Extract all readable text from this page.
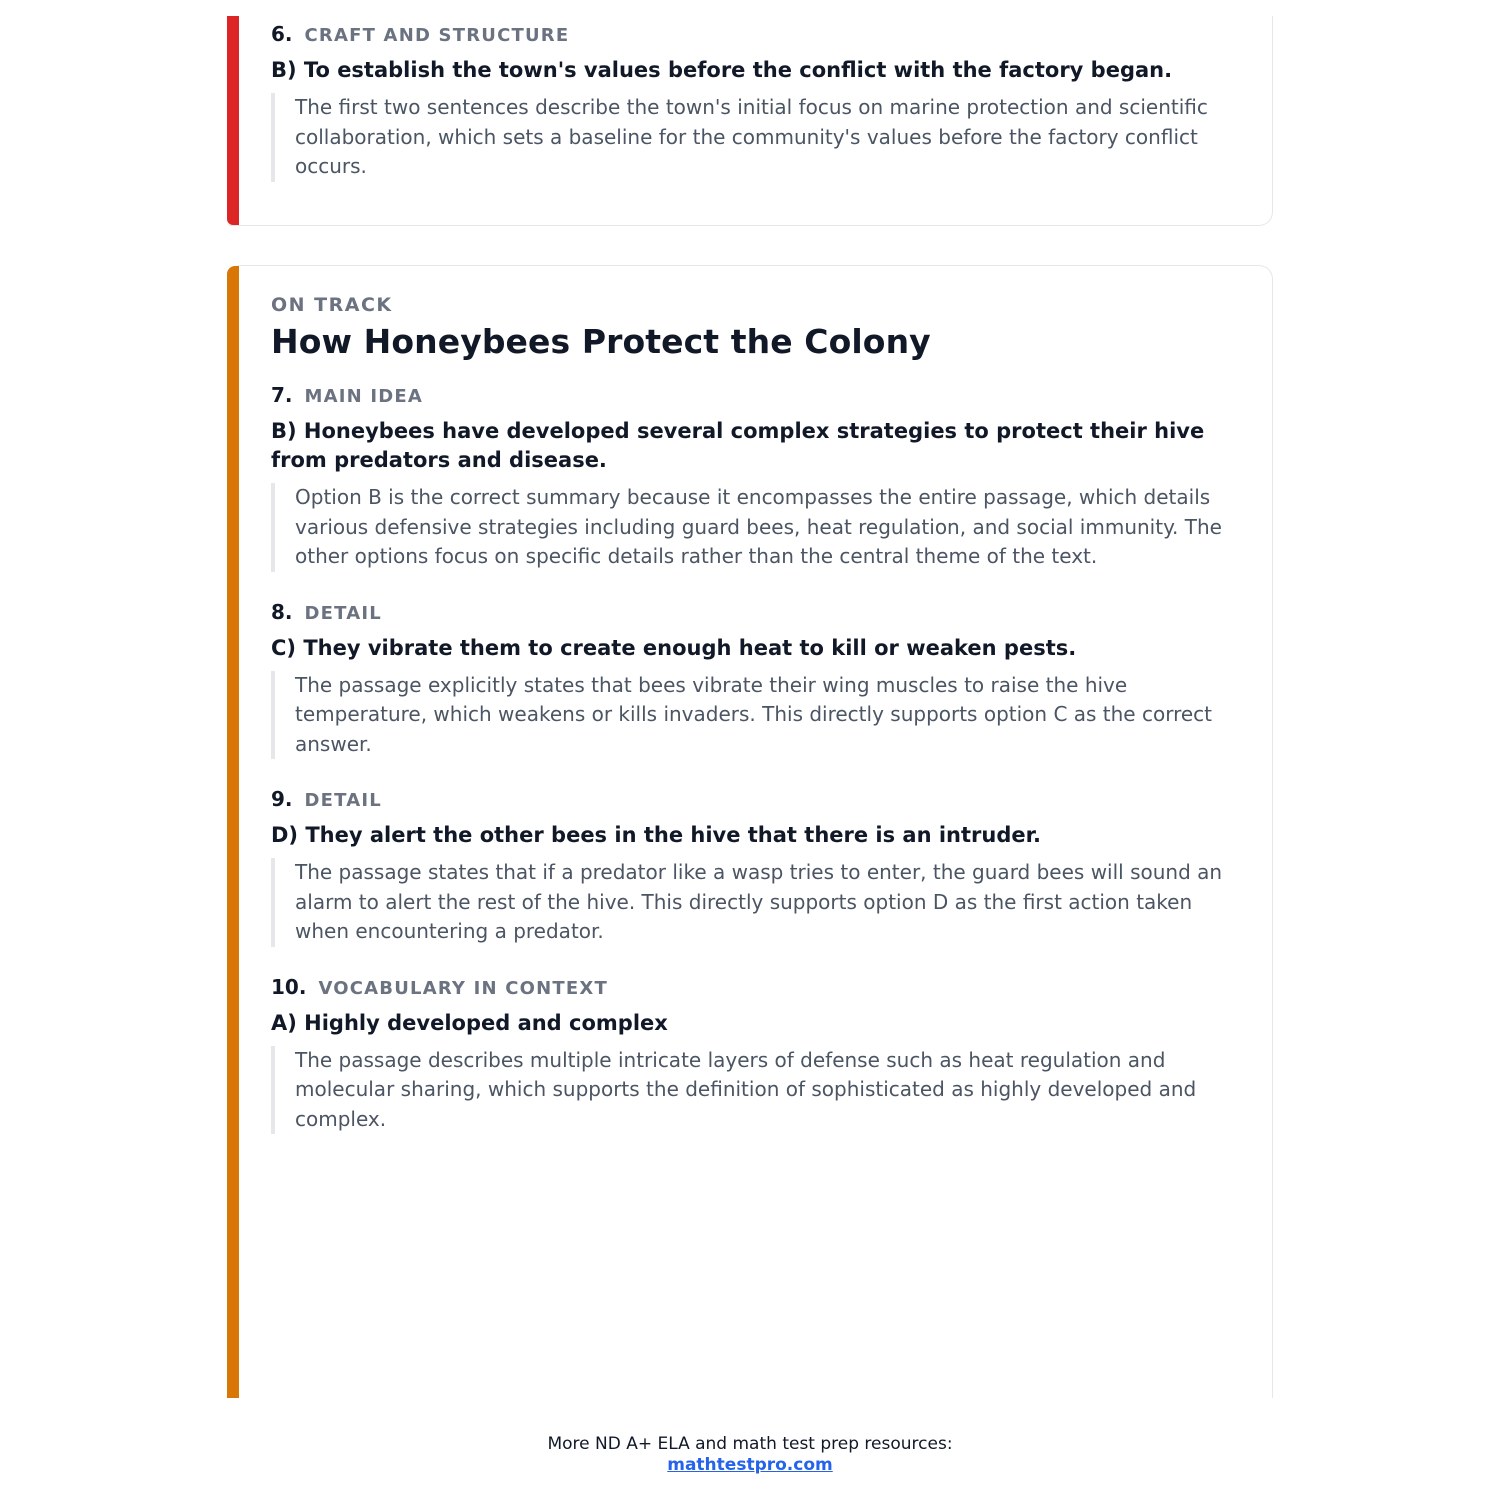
6. CRAFT AND STRUCTURE

B) To establish the town's values before the conflict with the factory began.

The first two sentences describe the town's initial focus on marine protection and scientific collaboration, which sets a baseline for the community's values before the factory conflict occurs.

ON TRACK
How Honeybees Protect the Colony
7. MAIN IDEA

B) Honeybees have developed several complex strategies to protect their hive from predators and disease.

Option B is the correct summary because it encompasses the entire passage, which details various defensive strategies including guard bees, heat regulation, and social immunity. The other options focus on specific details rather than the central theme of the text.

8. DETAIL

C) They vibrate them to create enough heat to kill or weaken pests.

The passage explicitly states that bees vibrate their wing muscles to raise the hive temperature, which weakens or kills invaders. This directly supports option C as the correct answer.

9. DETAIL

D) They alert the other bees in the hive that there is an intruder.

The passage states that if a predator like a wasp tries to enter, the guard bees will sound an alarm to alert the rest of the hive. This directly supports option D as the first action taken when encountering a predator.

10. VOCABULARY IN CONTEXT

A) Highly developed and complex

The passage describes multiple intricate layers of defense such as heat regulation and molecular sharing, which supports the definition of sophisticated as highly developed and complex.

More ND A+ ELA and math test prep resources:
mathtestpro.com
